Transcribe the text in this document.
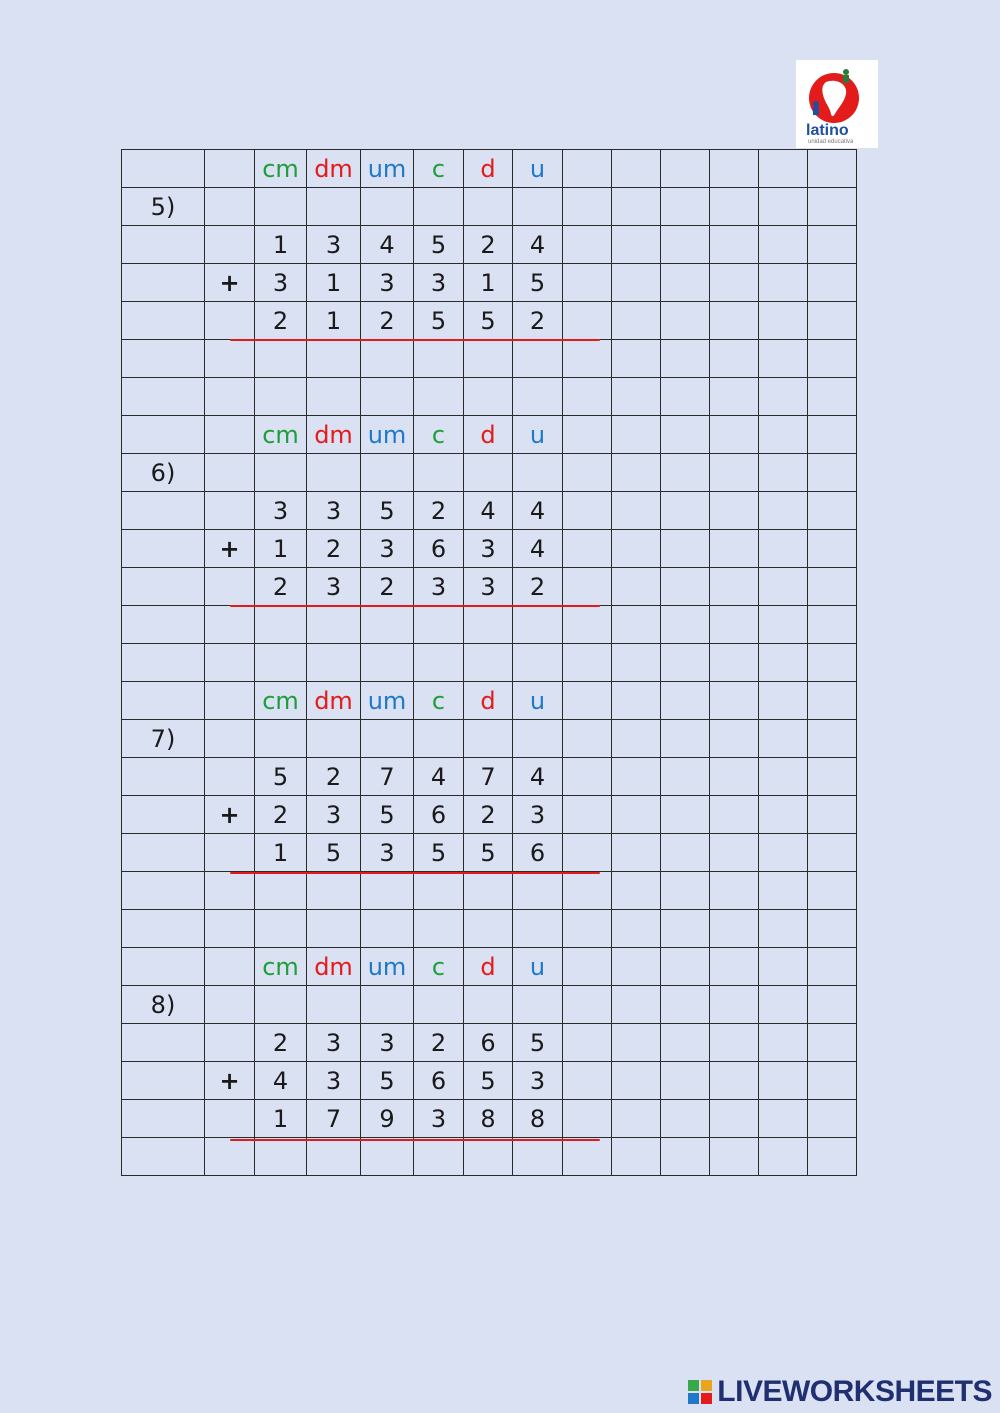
latino
unidad educativa
		cm	dm	um	c	d	u						
5)													
		1	3	4	5	2	4						
	+	3	1	3	3	1	5						
		2	1	2	5	5	2						

		cm	dm	um	c	d	u						
6)													
		3	3	5	2	4	4						
	+	1	2	3	6	3	4						
		2	3	2	3	3	2						

		cm	dm	um	c	d	u						
7)													
		5	2	7	4	7	4						
	+	2	3	5	6	2	3						
		1	5	3	5	5	6						

		cm	dm	um	c	d	u						
8)													
		2	3	3	2	6	5						
	+	4	3	5	6	5	3						
		1	7	9	3	8	8						

LIVEWORKSHEETS
